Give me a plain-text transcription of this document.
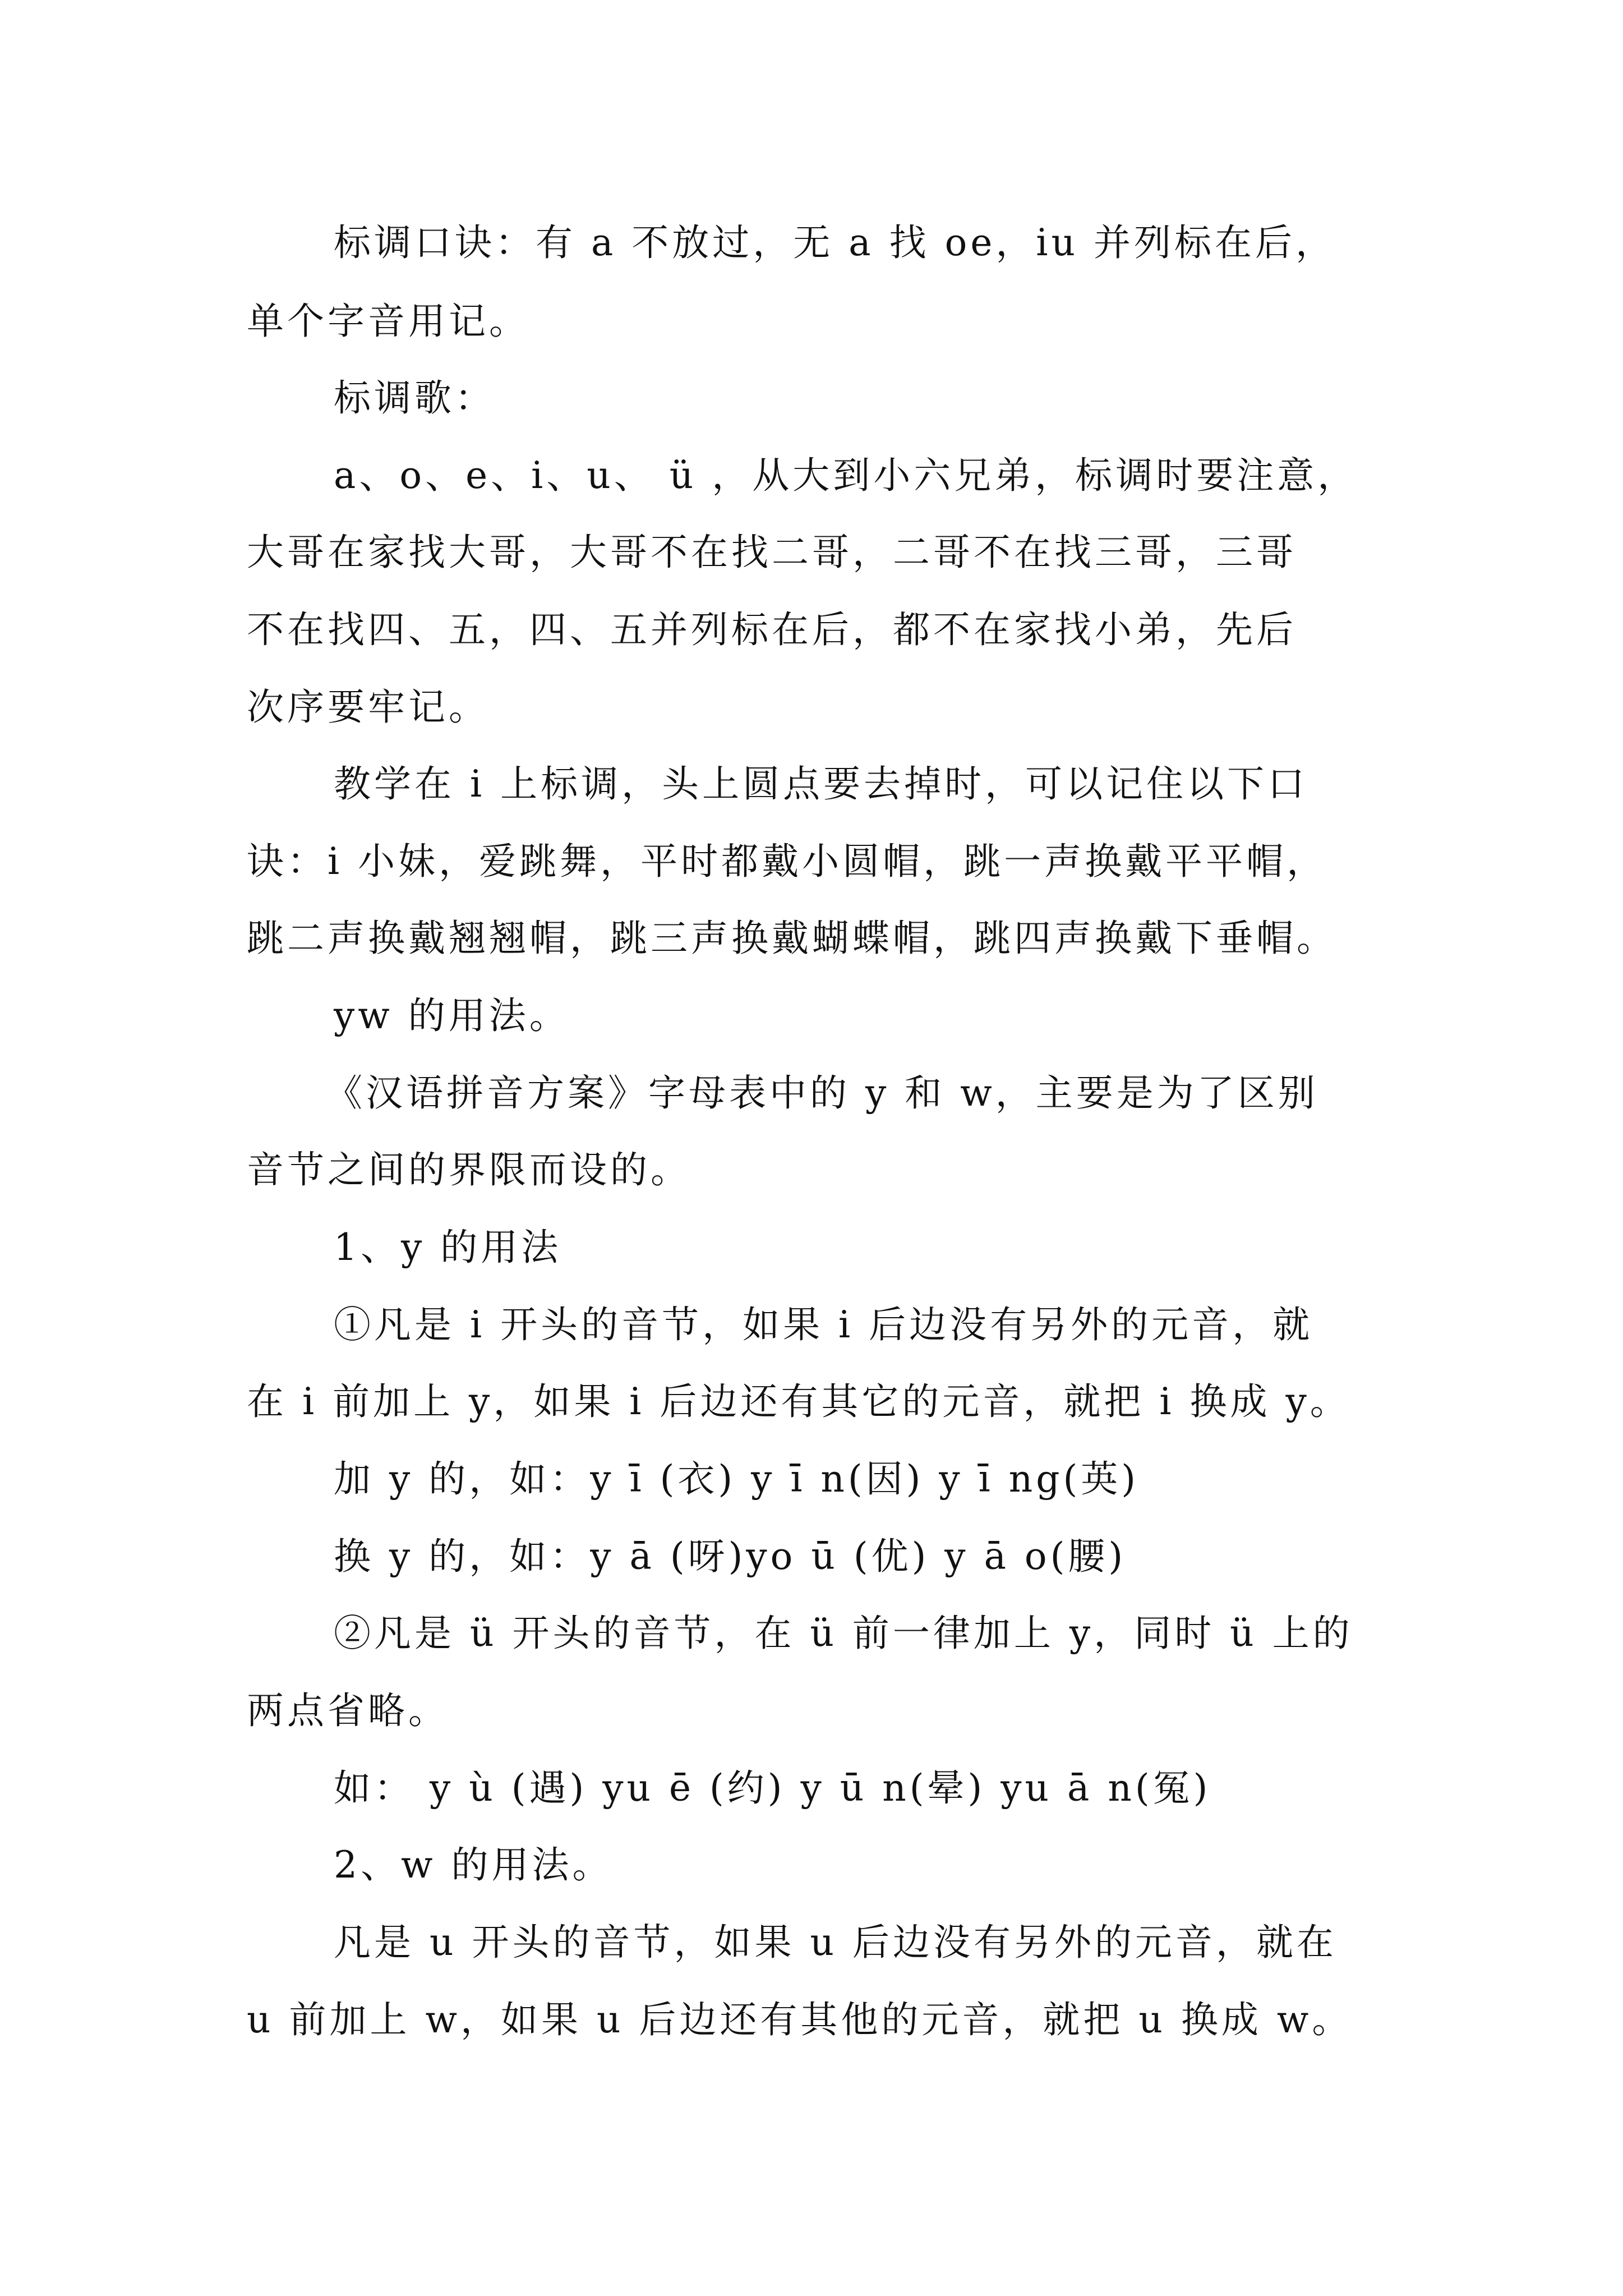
标调口诀：有 a 不放过，无 a 找 oe，iu 并列标在后，
单个字音用记。
标调歌：
a、o、e、i、u、 ü ，从大到小六兄弟，标调时要注意，
大哥在家找大哥，大哥不在找二哥，二哥不在找三哥，三哥
不在找四、五，四、五并列标在后，都不在家找小弟，先后
次序要牢记。
教学在 i 上标调，头上圆点要去掉时，可以记住以下口
诀：i 小妹，爱跳舞，平时都戴小圆帽，跳一声换戴平平帽，
跳二声换戴翘翘帽，跳三声换戴蝴蝶帽，跳四声换戴下垂帽。
yw 的用法。
《汉语拼音方案》字母表中的 y 和 w，主要是为了区别
音节之间的界限而设的。
1、y 的用法
①凡是 i 开头的音节，如果 i 后边没有另外的元音，就
在 i 前加上 y，如果 i 后边还有其它的元音，就把 i 换成 y。
加 y 的，如：y ī (衣) y ī n(因) y ī ng(英)
换 y 的，如：y ā (呀)yo ū (优) y ā o(腰)
②凡是 ü 开头的音节，在 ü 前一律加上 y，同时 ü 上的
两点省略。
如： y ù (遇) yu ē (约) y ū n(晕) yu ā n(冤)
2、w 的用法。
凡是 u 开头的音节，如果 u 后边没有另外的元音，就在
u 前加上 w，如果 u 后边还有其他的元音，就把 u 换成 w。
